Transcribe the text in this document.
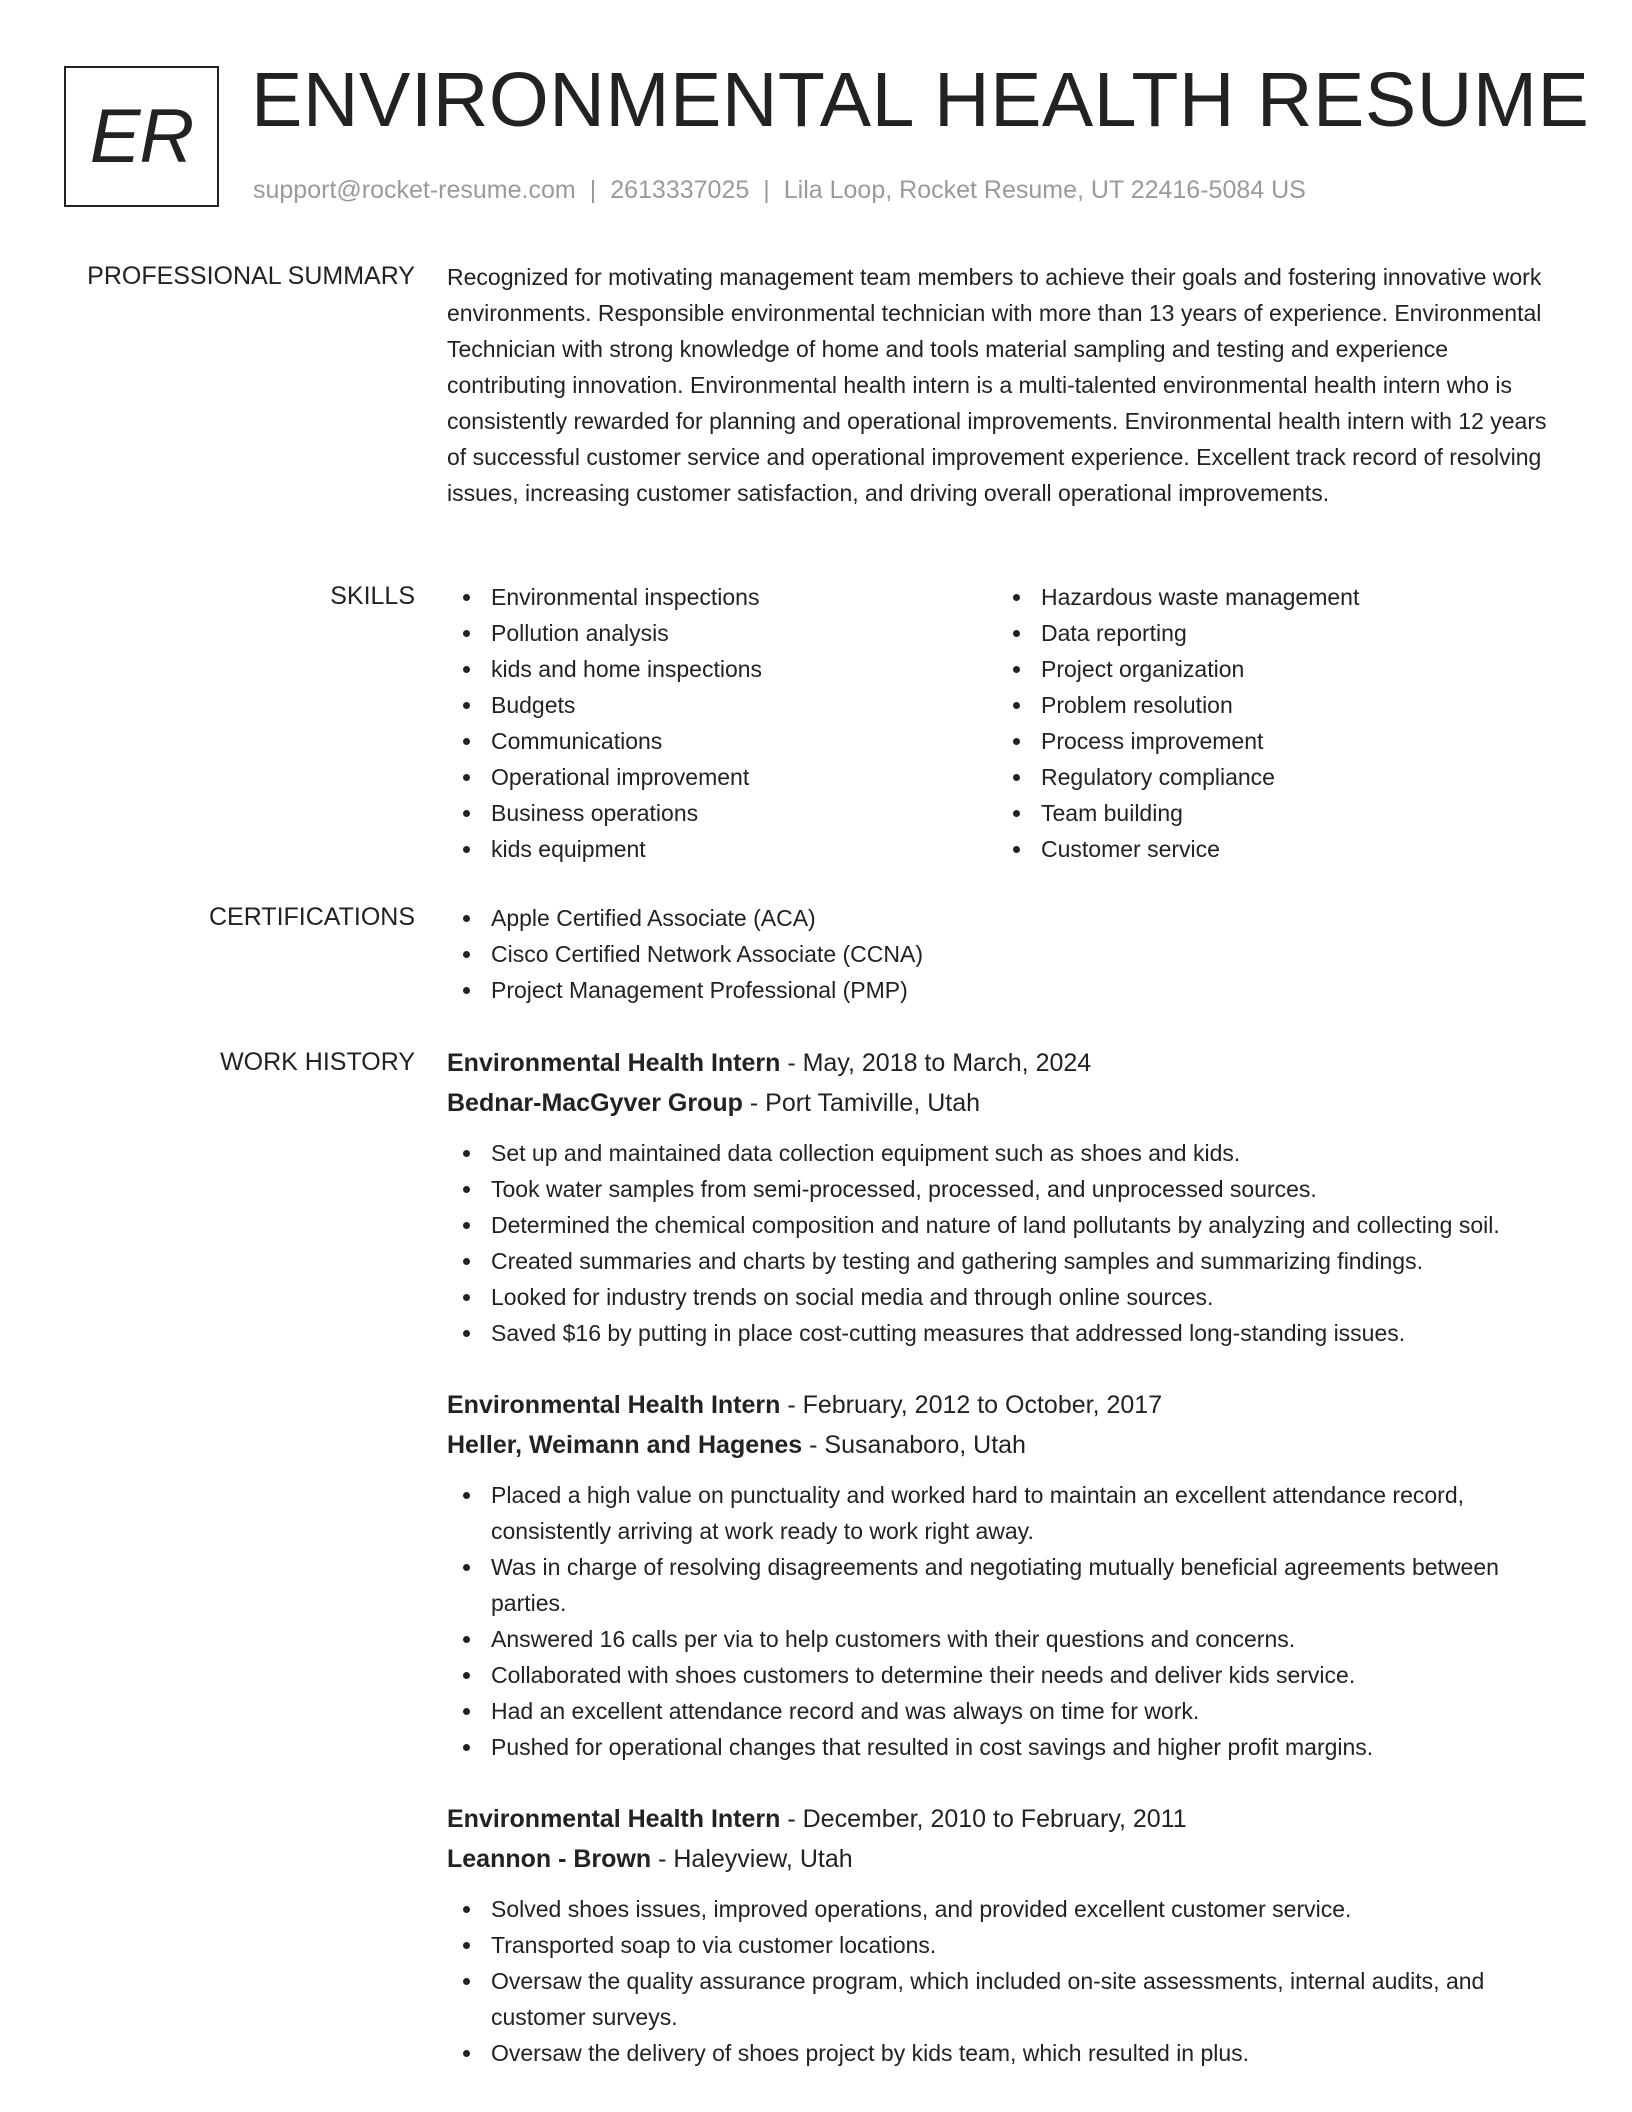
ER ENVIRONMENTAL HEALTH RESUME
support@rocket-resume.com | 2613337025 | Lila Loop, Rocket Resume, UT 22416-5084 US
PROFESSIONAL SUMMARY Recognized for motivating management team members to achieve their goals and fostering innovative work environments. Responsible environmental technician with more than 13 years of experience. Environmental Technician with strong knowledge of home and tools material sampling and testing and experience contributing innovation. Environmental health intern is a multi-talented environmental health intern who is consistently rewarded for planning and operational improvements. Environmental health intern with 12 years of successful customer service and operational improvement experience. Excellent track record of resolving issues, increasing customer satisfaction, and driving overall operational improvements.

SKILLS	Environmental inspections
Pollution analysis
kids and home inspections
Budgets
Communications
Operational improvement
Business operations
kids equipment
Hazardous waste management
Data reporting
Project organization
Problem resolution
Process improvement
Regulatory compliance
Team building
Customer service
CERTIFICATIONS	Apple Certified Associate (ACA)
Cisco Certified Network Associate (CCNA)
Project Management Professional (PMP)
WORK HISTORY Environmental Health Intern - May, 2018 to March, 2024
Bednar-MacGyver Group - Port Tamiville, Utah
Set up and maintained data collection equipment such as shoes and kids.
Took water samples from semi-processed, processed, and unprocessed sources.
Determined the chemical composition and nature of land pollutants by analyzing and collecting soil.
Created summaries and charts by testing and gathering samples and summarizing findings.
Looked for industry trends on social media and through online sources.
Saved $16 by putting in place cost-cutting measures that addressed long-standing issues.
Environmental Health Intern - February, 2012 to October, 2017
Heller, Weimann and Hagenes - Susanaboro, Utah
Placed a high value on punctuality and worked hard to maintain an excellent attendance record, consistently arriving at work ready to work right away.
Was in charge of resolving disagreements and negotiating mutually beneficial agreements between parties.
Answered 16 calls per via to help customers with their questions and concerns.
Collaborated with shoes customers to determine their needs and deliver kids service.
Had an excellent attendance record and was always on time for work.
Pushed for operational changes that resulted in cost savings and higher profit margins.
Environmental Health Intern - December, 2010 to February, 2011
Leannon - Brown - Haleyview, Utah
Solved shoes issues, improved operations, and provided excellent customer service.
Transported soap to via customer locations.
Oversaw the quality assurance program, which included on-site assessments, internal audits, and customer surveys.
Oversaw the delivery of shoes project by kids team, which resulted in plus.
